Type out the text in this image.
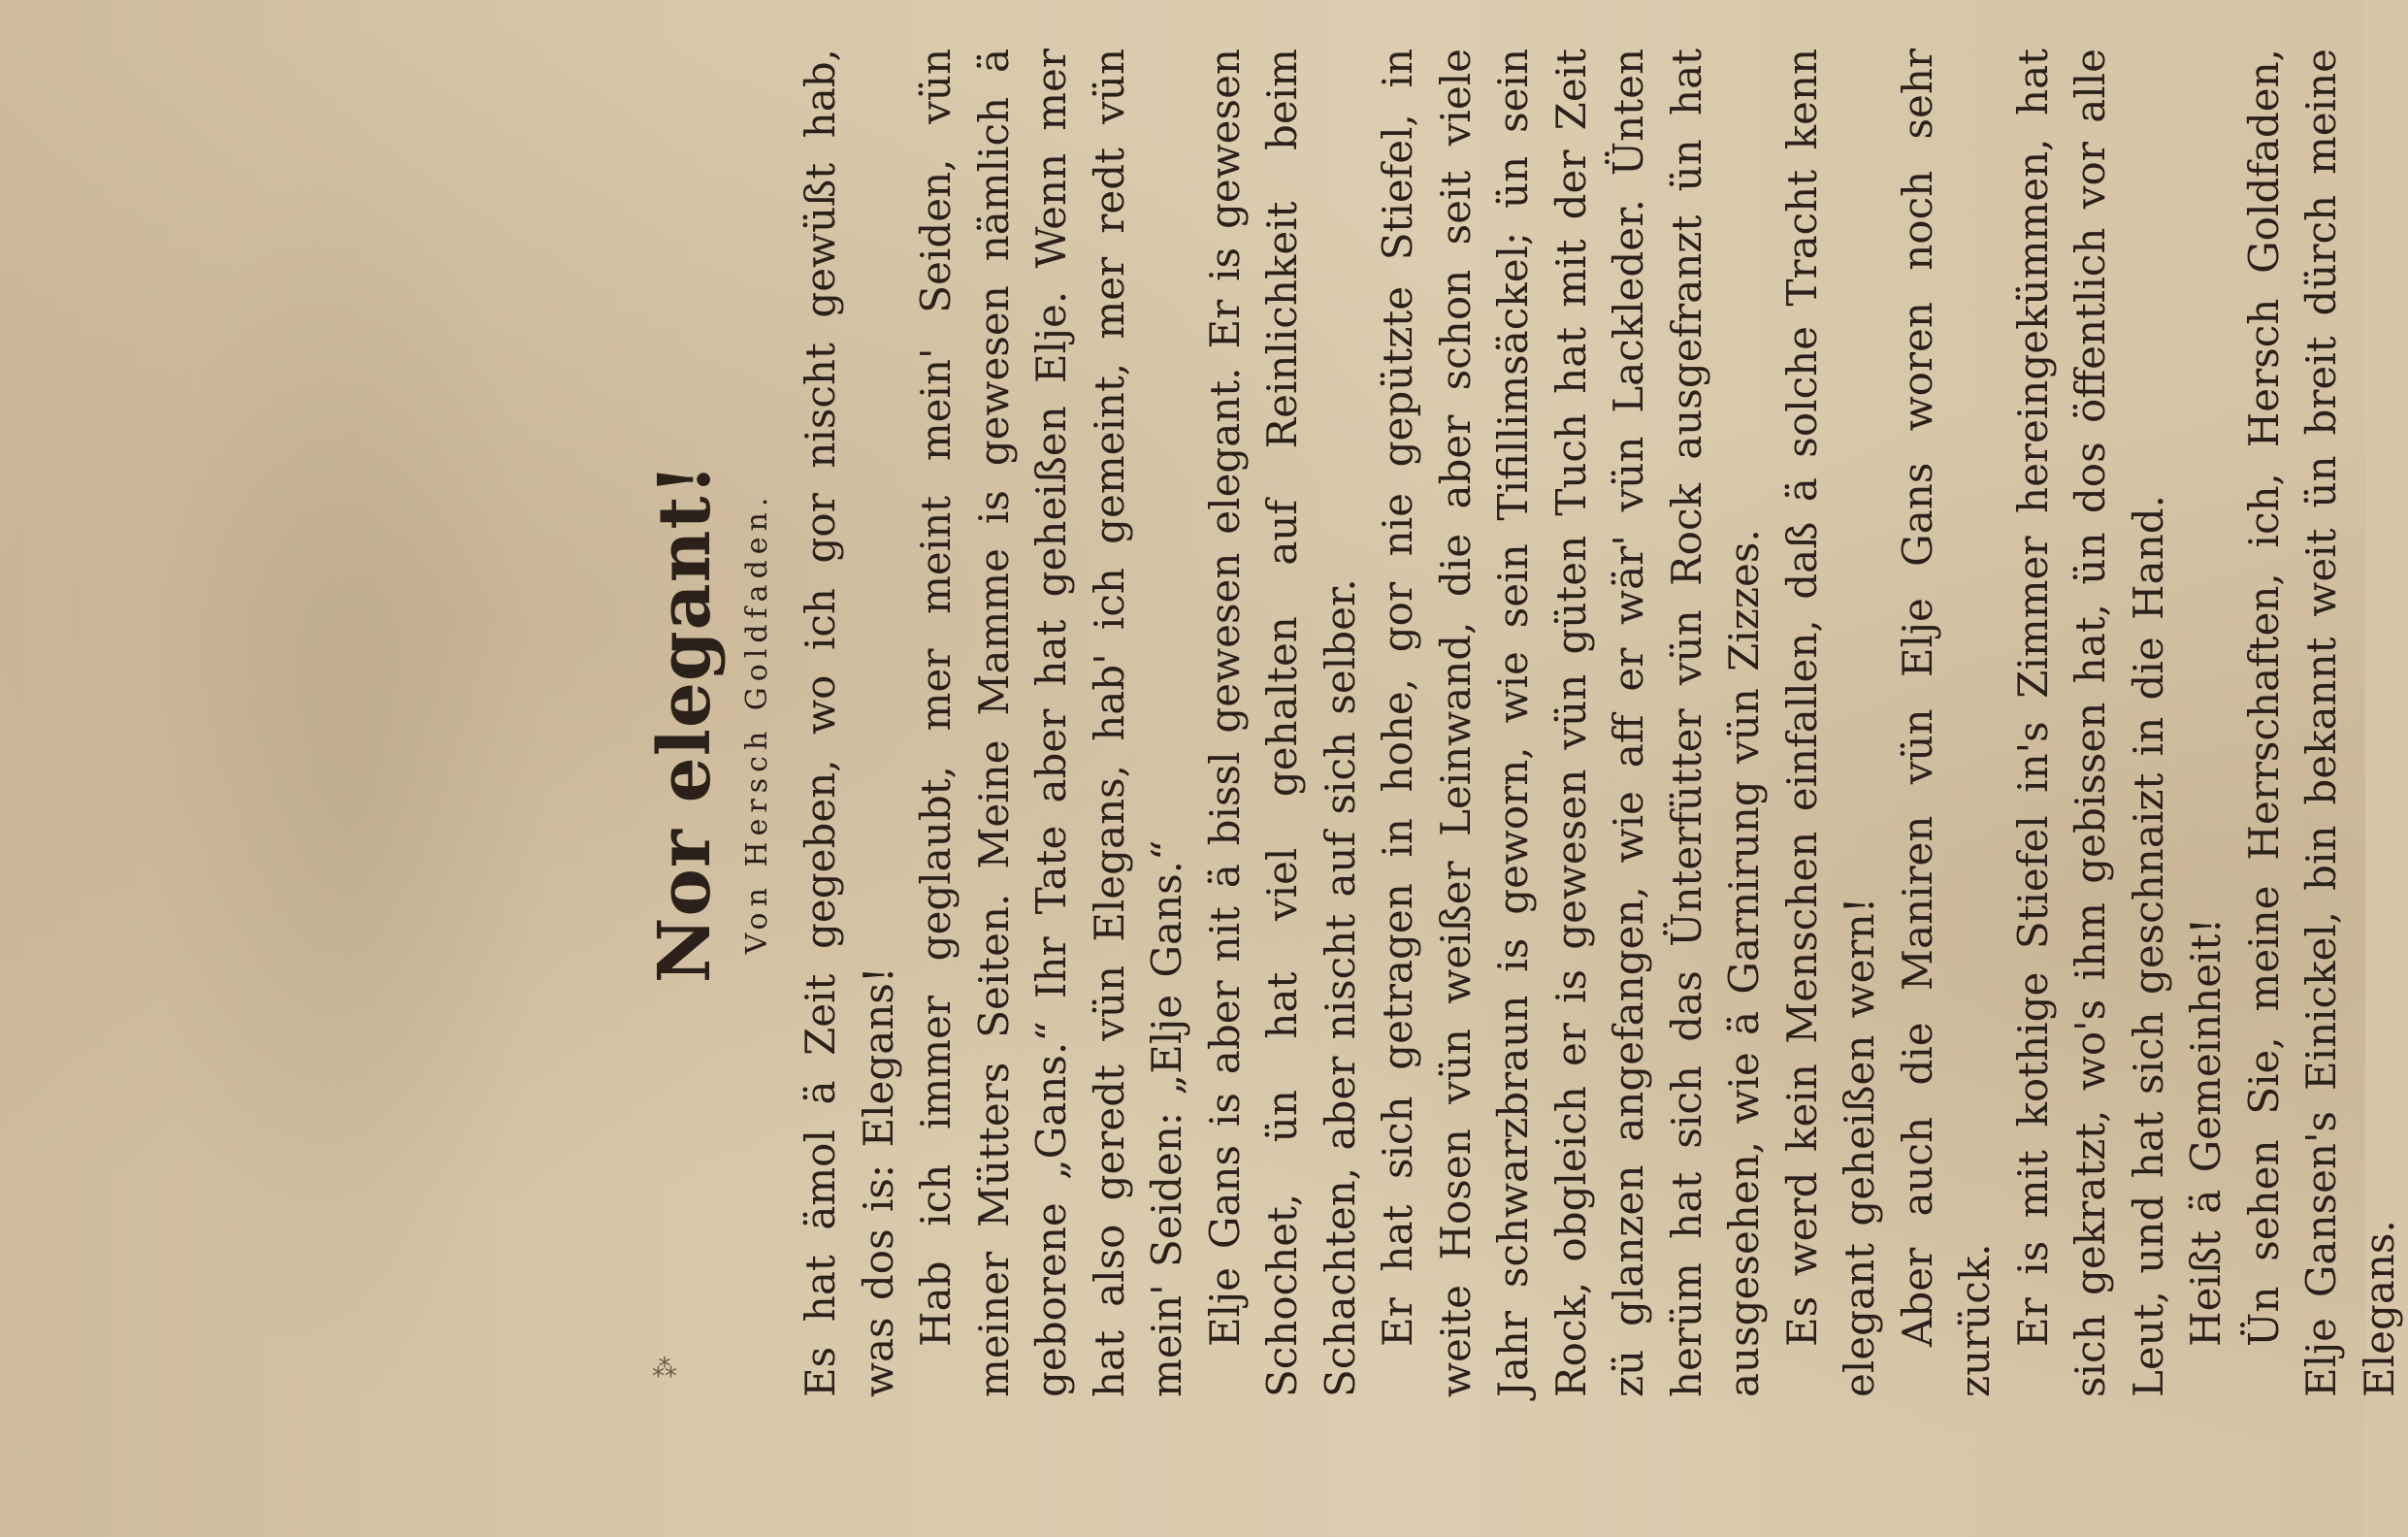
⁂
Nor elegant! Von Hersch Goldfaden. Es hat ämol ä Zeit gegeben, wo ich gor nischt gewüßt hab, was dos is: Elegans! Hab ich immer geglaubt, mer meint mein' Seiden, vün meiner Mütters Seiten. Meine Mamme is gewesen nämlich ä geborene „Gans.“ Ihr Tate aber hat geheißen Elje. Wenn mer hat also geredt vün Elegans, hab' ich gemeint, mer redt vün mein' Seiden: „Elje Gans.“ Elje Gans is aber nit ä bissl gewesen elegant. Er is gewesen Schochet, ün hat viel gehalten auf Reinlichkeit beim Schachten, aber nischt auf sich selber. Er hat sich getragen in hohe, gor nie gepützte Stiefel, in weite Hosen vün weißer Leinwand, die aber schon seit viele Jahr schwarzbraun is geworn, wie sein Tifillimsäckel; ün sein Rock, obgleich er is gewesen vün güten Tuch hat mit der Zeit zü glanzen angefangen, wie aff er wär' vün Lackleder. Ünten herüm hat sich das Ünterfütter vün Rock ausgefranzt ün hat ausgesehen, wie ä Garnirung vün Zizzes. Es werd kein Menschen einfallen, daß ä solche Tracht kenn elegant geheißen wern! Aber auch die Maniren vün Elje Gans woren noch sehr zurück. Er is mit kothige Stiefel in's Zimmer hereingekümmen, hat sich gekratzt, wo's ihm gebissen hat, ün dos öffentlich vor alle Leut, und hat sich geschnaizt in die Hand. Heißt ä Gemeinheit! Ün sehen Sie, meine Herrschaften, ich, Hersch Goldfaden, Elje Gansen's Einickel, bin bekannt weit ün breit dürch meine Elegans.
